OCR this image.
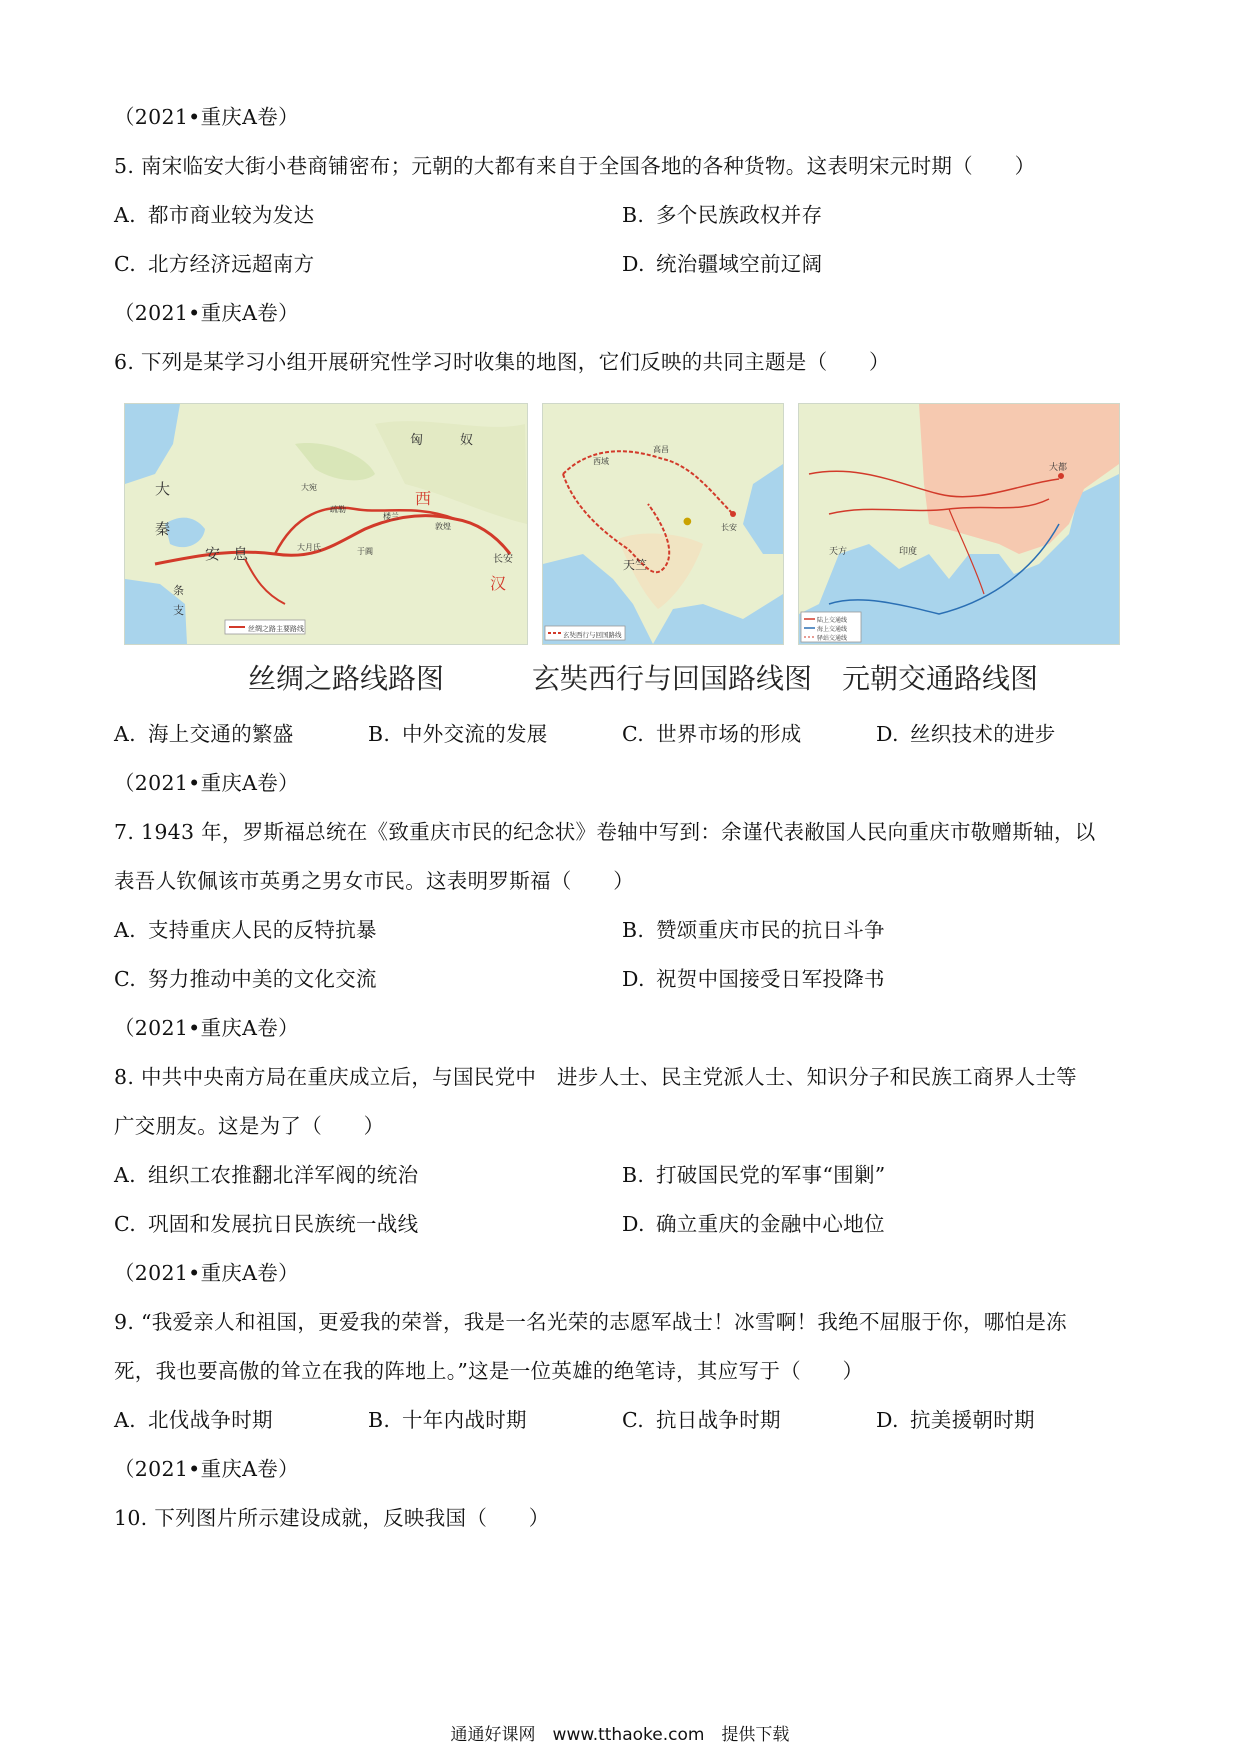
（2021•重庆A卷）
5. 南宋临安大街小巷商铺密布；元朝的大都有来自于全国各地的各种货物。这表明宋元时期（　　）
A. 都市商业较为发达	B. 多个民族政权并存
C. 北方经济远超南方	D. 统治疆域空前辽阔
（2021•重庆A卷）
6. 下列是某学习小组开展研究性学习时收集的地图，它们反映的共同主题是（　　）
丝绸之路主要路线
匈	奴
西
汉
长安
大
秦
安 息
条
支
敦煌
楼兰
于阗
疏勒
大宛
大月氏
长安
天竺
高昌
西域
●
玄奘西行与回国路线
大都
天方	印度
陆上交通线
海上交通线
驿站交通线
丝绸之路线路图	玄奘西行与回国路线图 元朝交通路线图
A. 海上交通的繁盛	B. 中外交流的发展	C. 世界市场的形成	D. 丝织技术的进步
（2021•重庆A卷）
7. 1943 年，罗斯福总统在《致重庆市民的纪念状》卷轴中写到：余谨代表敝国人民向重庆市敬赠斯轴，以
表吾人钦佩该市英勇之男女市民。这表明罗斯福（　　）
A. 支持重庆人民的反特抗暴	B. 赞颂重庆市民的抗日斗争
C. 努力推动中美的文化交流	D. 祝贺中国接受日军投降书
（2021•重庆A卷）
8. 中共中央南方局在重庆成立后，与国民党中　进步人士、民主党派人士、知识分子和民族工商界人士等
广交朋友。这是为了（　　）
A. 组织工农推翻北洋军阀的统治	B. 打破国民党的军事“围剿”
C. 巩固和发展抗日民族统一战线	D. 确立重庆的金融中心地位
（2021•重庆A卷）
9. “我爱亲人和祖国，更爱我的荣誉，我是一名光荣的志愿军战士！冰雪啊！我绝不屈服于你，哪怕是冻
死，我也要高傲的耸立在我的阵地上。”这是一位英雄的绝笔诗，其应写于（　　）
A. 北伐战争时期	B. 十年内战时期	C. 抗日战争时期	D. 抗美援朝时期
（2021•重庆A卷）
10. 下列图片所示建设成就，反映我国（　　）
通通好课网　www.tthaoke.com　提供下载
